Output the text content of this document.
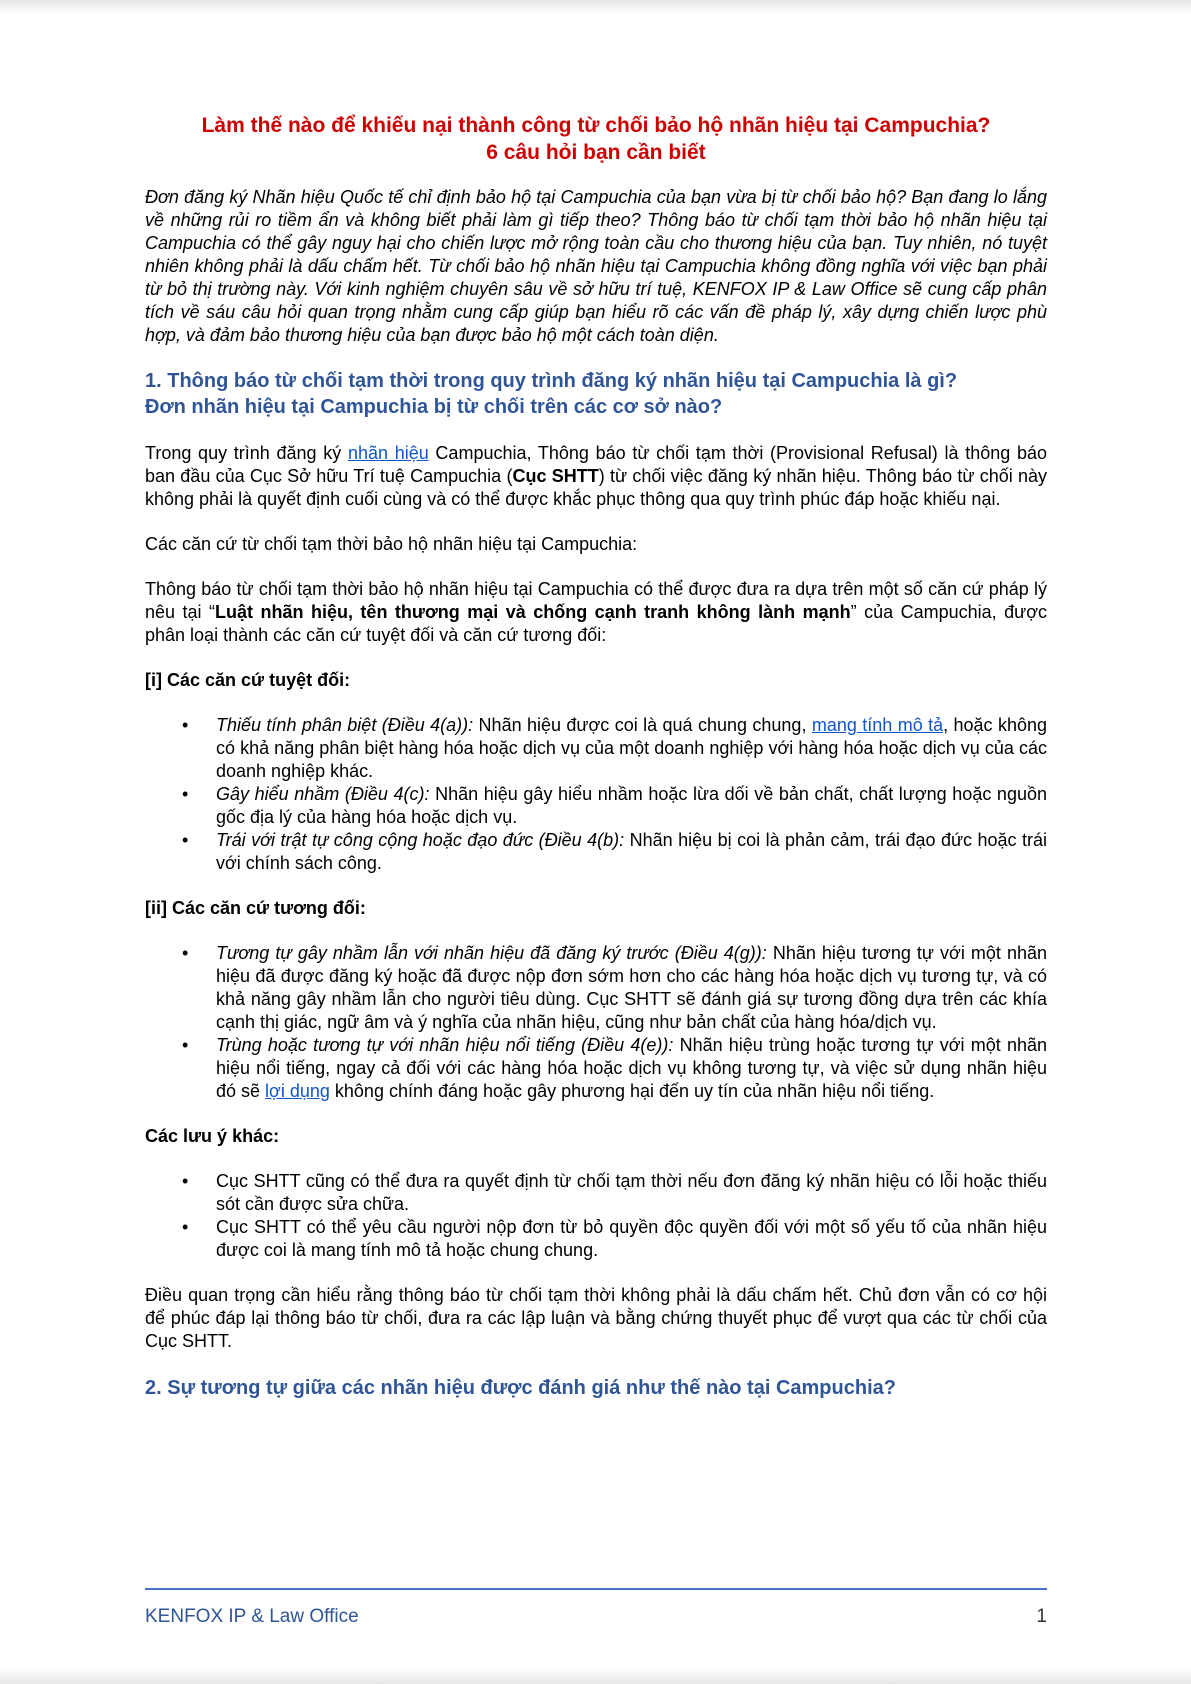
Làm thế nào để khiếu nại thành công từ chối bảo hộ nhãn hiệu tại Campuchia?
6 câu hỏi bạn cần biết

Đơn đăng ký Nhãn hiệu Quốc tế chỉ định bảo hộ tại Campuchia của bạn vừa bị từ chối bảo hộ? Bạn đang lo lắng về những rủi ro tiềm ẩn và không biết phải làm gì tiếp theo? Thông báo từ chối tạm thời bảo hộ nhãn hiệu tại Campuchia có thể gây nguy hại cho chiến lược mở rộng toàn cầu cho thương hiệu của bạn. Tuy nhiên, nó tuyệt nhiên không phải là dấu chấm hết. Từ chối bảo hộ nhãn hiệu tại Campuchia không đồng nghĩa với việc bạn phải từ bỏ thị trường này. Với kinh nghiệm chuyên sâu về sở hữu trí tuệ, KENFOX IP & Law Office sẽ cung cấp phân tích về sáu câu hỏi quan trọng nhằm cung cấp giúp bạn hiểu rõ các vấn đề pháp lý, xây dựng chiến lược phù hợp, và đảm bảo thương hiệu của bạn được bảo hộ một cách toàn diện.

1. Thông báo từ chối tạm thời trong quy trình đăng ký nhãn hiệu tại Campuchia là gì?
Đơn nhãn hiệu tại Campuchia bị từ chối trên các cơ sở nào?

Trong quy trình đăng ký nhãn hiệu Campuchia, Thông báo từ chối tạm thời (Provisional Refusal) là thông báo ban đầu của Cục Sở hữu Trí tuệ Campuchia (Cục SHTT) từ chối việc đăng ký nhãn hiệu. Thông báo từ chối này không phải là quyết định cuối cùng và có thể được khắc phục thông qua quy trình phúc đáp hoặc khiếu nại.

Các căn cứ từ chối tạm thời bảo hộ nhãn hiệu tại Campuchia:

Thông báo từ chối tạm thời bảo hộ nhãn hiệu tại Campuchia có thể được đưa ra dựa trên một số căn cứ pháp lý nêu tại “Luật nhãn hiệu, tên thương mại và chống cạnh tranh không lành mạnh” của Campuchia, được phân loại thành các căn cứ tuyệt đối và căn cứ tương đối:

[i] Các căn cứ tuyệt đối:
• Thiếu tính phân biệt (Điều 4(a)): Nhãn hiệu được coi là quá chung chung, mang tính mô tả, hoặc không có khả năng phân biệt hàng hóa hoặc dịch vụ của một doanh nghiệp với hàng hóa hoặc dịch vụ của các doanh nghiệp khác.
• Gây hiểu nhầm (Điều 4(c): Nhãn hiệu gây hiểu nhầm hoặc lừa dối về bản chất, chất lượng hoặc nguồn gốc địa lý của hàng hóa hoặc dịch vụ.
• Trái với trật tự công cộng hoặc đạo đức (Điều 4(b): Nhãn hiệu bị coi là phản cảm, trái đạo đức hoặc trái với chính sách công.
[ii] Các căn cứ tương đối:
• Tương tự gây nhầm lẫn với nhãn hiệu đã đăng ký trước (Điều 4(g)): Nhãn hiệu tương tự với một nhãn hiệu đã được đăng ký hoặc đã được nộp đơn sớm hơn cho các hàng hóa hoặc dịch vụ tương tự, và có khả năng gây nhầm lẫn cho người tiêu dùng. Cục SHTT sẽ đánh giá sự tương đồng dựa trên các khía cạnh thị giác, ngữ âm và ý nghĩa của nhãn hiệu, cũng như bản chất của hàng hóa/dịch vụ.
• Trùng hoặc tương tự với nhãn hiệu nổi tiếng (Điều 4(e)): Nhãn hiệu trùng hoặc tương tự với một nhãn hiệu nổi tiếng, ngay cả đối với các hàng hóa hoặc dịch vụ không tương tự, và việc sử dụng nhãn hiệu đó sẽ lợi dụng không chính đáng hoặc gây phương hại đến uy tín của nhãn hiệu nổi tiếng.
Các lưu ý khác:
• Cục SHTT cũng có thể đưa ra quyết định từ chối tạm thời nếu đơn đăng ký nhãn hiệu có lỗi hoặc thiếu sót cần được sửa chữa.
• Cục SHTT có thể yêu cầu người nộp đơn từ bỏ quyền độc quyền đối với một số yếu tố của nhãn hiệu được coi là mang tính mô tả hoặc chung chung.

Điều quan trọng cần hiểu rằng thông báo từ chối tạm thời không phải là dấu chấm hết. Chủ đơn vẫn có cơ hội để phúc đáp lại thông báo từ chối, đưa ra các lập luận và bằng chứng thuyết phục để vượt qua các từ chối của Cục SHTT.

2. Sự tương tự giữa các nhãn hiệu được đánh giá như thế nào tại Campuchia?
KENFOX IP & Law Office	1
